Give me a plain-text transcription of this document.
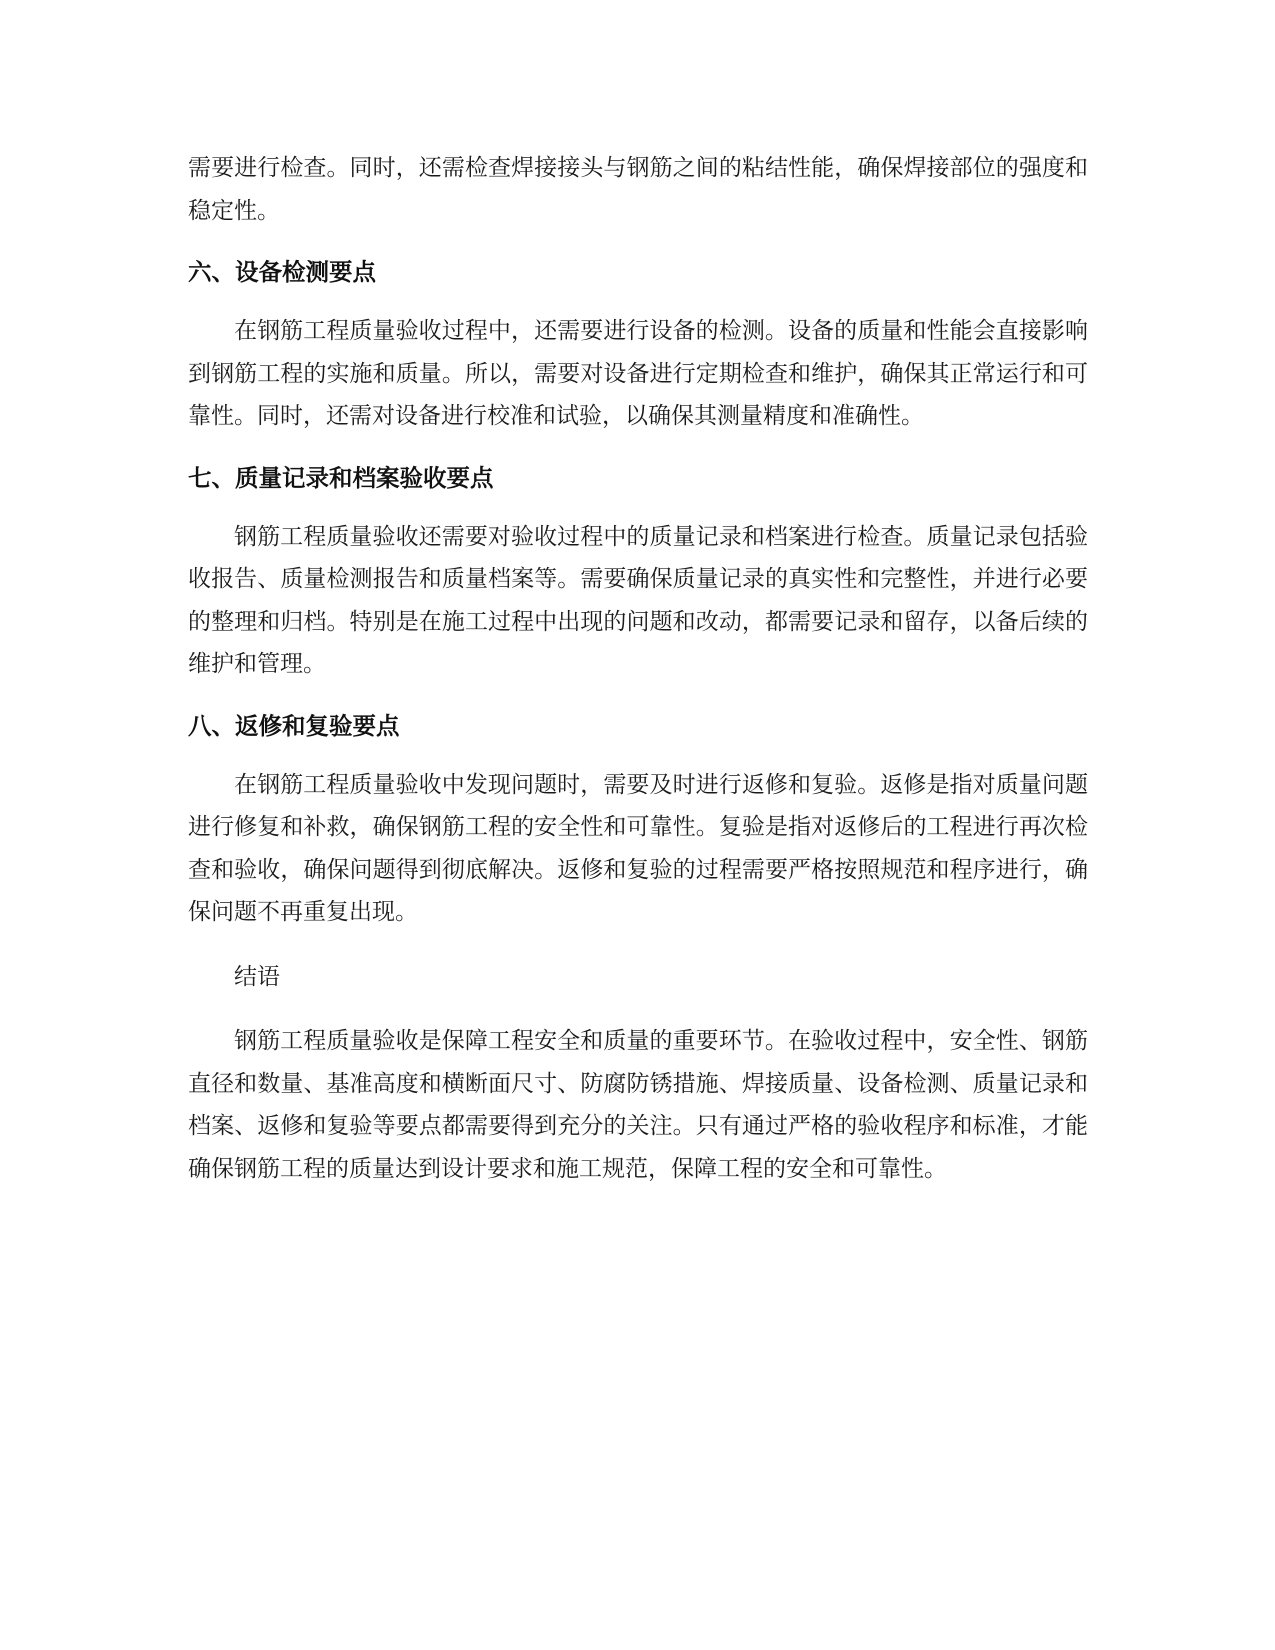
需要进行检查。同时，还需检查焊接接头与钢筋之间的粘结性能，确保焊接部位的强度和稳定性。

六、设备检测要点

在钢筋工程质量验收过程中，还需要进行设备的检测。设备的质量和性能会直接影响到钢筋工程的实施和质量。所以，需要对设备进行定期检查和维护，确保其正常运行和可靠性。同时，还需对设备进行校准和试验，以确保其测量精度和准确性。

七、质量记录和档案验收要点

钢筋工程质量验收还需要对验收过程中的质量记录和档案进行检查。质量记录包括验收报告、质量检测报告和质量档案等。需要确保质量记录的真实性和完整性，并进行必要的整理和归档。特别是在施工过程中出现的问题和改动，都需要记录和留存，以备后续的维护和管理。

八、返修和复验要点

在钢筋工程质量验收中发现问题时，需要及时进行返修和复验。返修是指对质量问题进行修复和补救，确保钢筋工程的安全性和可靠性。复验是指对返修后的工程进行再次检查和验收，确保问题得到彻底解决。返修和复验的过程需要严格按照规范和程序进行，确保问题不再重复出现。

结语

钢筋工程质量验收是保障工程安全和质量的重要环节。在验收过程中，安全性、钢筋直径和数量、基准高度和横断面尺寸、防腐防锈措施、焊接质量、设备检测、质量记录和档案、返修和复验等要点都需要得到充分的关注。只有通过严格的验收程序和标准，才能确保钢筋工程的质量达到设计要求和施工规范，保障工程的安全和可靠性。
